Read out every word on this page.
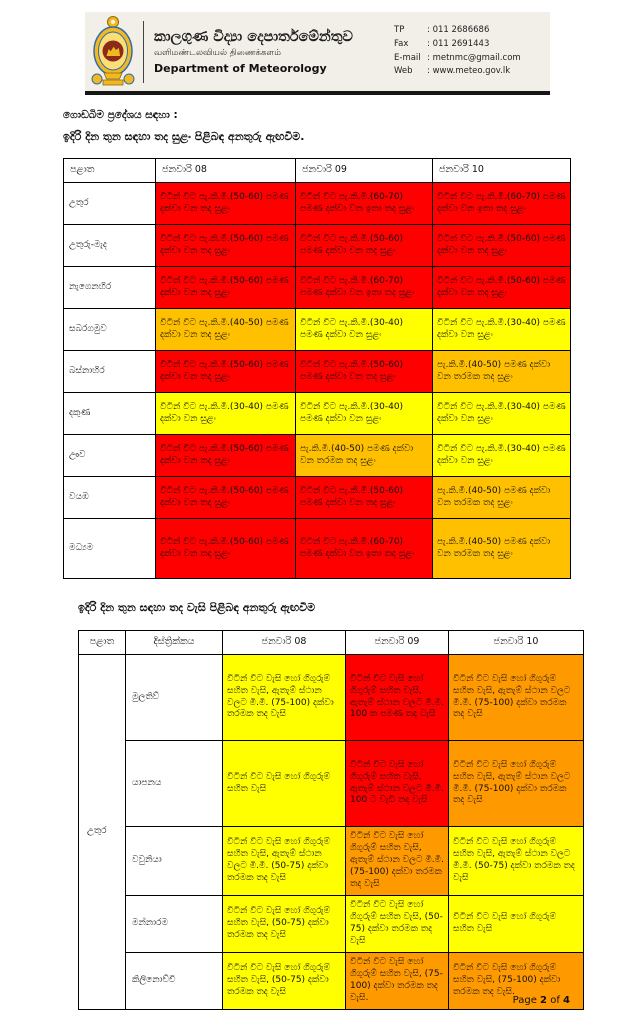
කාලගුණ විද්‍යා දෙපාර්තමේන්තුව
வளிமண்டலவியல் திணைக்களம்
Department of Meteorology
TP	: 011 2686686
Fax	: 011 2691443
E-mail : metnmc@gmail.com
Web	: www.meteo.gov.lk
ගොඩබිම ප්‍රදේශය සඳහා :
ඉදිරි දින තුන සඳහා තද සුළං පිළිබඳ අනතුරු ඇඟවීම.
පළාත	ජනවාරි 08	ජනවාරි 09	ජනවාරි 10
උතුර	විටින් විට පැ.කි.මී.(50-60) පමණ දක්වා වන තද සුළං	විටින් විට පැ.කි.මී.(60-70) පමණ දක්වා වන ඉතා තද සුළං	විටින් විට පැ.කි.මී.(60-70) පමණ දක්වා වන ඉතා තද සුළං

උතුරු-මැද	විටින් විට පැ.කි.මී.(50-60) පමණ දක්වා වන තද සුළං	විටින් විට පැ.කි.මී.(50-60) පමණ දක්වා වන තද සුළං	විටින් විට පැ.කි.මී.(50-60) පමණ දක්වා වන තද සුළං

නැගෙනහිර	විටින් විට පැ.කි.මී.(50-60) පමණ දක්වා වන තද සුළං	විටින් විට පැ.කි.මී.(60-70) පමණ දක්වා වන ඉතා තද සුළං	විටින් විට පැ.කි.මී.(50-60) පමණ දක්වා වන තද සුළං

සබරගමුව	විටින් විට පැ.කි.මී.(40-50) පමණ දක්වා වන තද සුළං	විටින් විට පැ.කි.මී.(30-40) පමණ දක්වා වන සුළං	විටින් විට පැ.කි.මී.(30-40) පමණ දක්වා වන සුළං

බස්නාහිර	විටින් විට පැ.කි.මී.(50-60) පමණ දක්වා වන තද සුළං	විටින් විට පැ.කි.මී.(50-60) පමණ දක්වා වන තද සුළං	පැ.කි.මී.(40-50) පමණ දක්වා වන තරමක තද සුළං

දකුණ	විටින් විට පැ.කි.මී.(30-40) පමණ දක්වා වන සුළං	විටින් විට පැ.කි.මී.(30-40) පමණ දක්වා වන සුළං	විටින් විට පැ.කි.මී.(30-40) පමණ දක්වා වන සුළං

ඌව	විටින් විට පැ.කි.මී.(50-60) පමණ දක්වා වන තද සුළං	පැ.කි.මී.(40-50) පමණ දක්වා වන තරමක තද සුළං	විටින් විට පැ.කි.මී.(30-40) පමණ දක්වා වන සුළං

වයඹ	විටින් විට පැ.කි.මී.(50-60) පමණ දක්වා වන තද සුළං	විටින් විට පැ.කි.මී.(50-60) පමණ දක්වා වන තද සුළං	පැ.කි.මී.(40-50) පමණ දක්වා වන තරමක තද සුළං

මධ්‍යම	විටින් විට පැ.කි.මී.(50-60) පමණ දක්වා වන තද සුළං	විටින් විට පැ.කි.මී.(60-70) පමණ දක්වා වන ඉතා තද සුළං	පැ.කි.මී.(40-50) පමණ දක්වා වන තරමක තද සුළං
ඉදිරි දින තුන සඳහා තද වැසි පිළිබඳ අනතුරු ඇඟවීම
පළාත	දිස්ත්‍රික්කය	ජනවාරි 08	ජනවාරි 09	ජනවාරි 10
උතුර	මුලතිව්	විටින් විට වැසි හෝ ගිගුරුම් සහිත වැසි, ඇතැම් ස්ථාන වලට මි.මී. (75-100) දක්වා තරමක තද වැසි	විටින් විට වැසි හෝ ගිගුරුම් සහිත වැසි, ඇතැම් ස්ථාන වලට මි.මී. 100 ක පමණ තද වැසි	විටින් විට වැසි හෝ ගිගුරුම් සහිත වැසි, ඇතැම් ස්ථාන වලට මි.මී. (75-100) දක්වා තරමක තද වැසි

	යාපනය	විටින් විට වැසි හෝ ගිගුරුම් සහිත වැසි	විටින් විට වැසි හෝ ගිගුරුම් සහිත වැසි, ඇතැම් ස්ථාන වලට මි.මී. 100 ට වැඩි තද වැසි	විටින් විට වැසි හෝ ගිගුරුම් සහිත වැසි, ඇතැම් ස්ථාන වලට මි.මී. (75-100) දක්වා තරමක තද වැසි

	වවුනියා	විටින් විට වැසි හෝ ගිගුරුම් සහිත වැසි, ඇතැම් ස්ථාන වලට මි.මී. (50-75) දක්වා තරමක තද වැසි	විටින් විට වැසි හෝ ගිගුරුම් සහිත වැසි, ඇතැම් ස්ථාන වලට මි.මී. (75-100) දක්වා තරමක තද වැසි	විටින් විට වැසි හෝ ගිගුරුම් සහිත වැසි, ඇතැම් ස්ථාන වලට මි.මී. (50-75) දක්වා තරමක තද වැසි

	මන්නාරම	විටින් විට වැසි හෝ ගිගුරුම් සහිත වැසි, (50-75) දක්වා තරමක තද වැසි	විටින් විට වැසි හෝ ගිගුරුම් සහිත වැසි, (50-75) දක්වා තරමක තද වැසි	විටින් විට වැසි හෝ ගිගුරුම් සහිත වැසි

	කිලිනොච්චි	විටින් විට වැසි හෝ ගිගුරුම් සහිත වැසි, (50-75) දක්වා තරමක තද වැසි	විටින් විට වැසි හෝ ගිගුරුම් සහිත වැසි, (75-100) දක්වා තරමක තද වැසි.	විටින් විට වැසි හෝ ගිගුරුම් සහිත වැසි, (75-100) දක්වා තරමක තද වැසි.
Page 2 of 4
